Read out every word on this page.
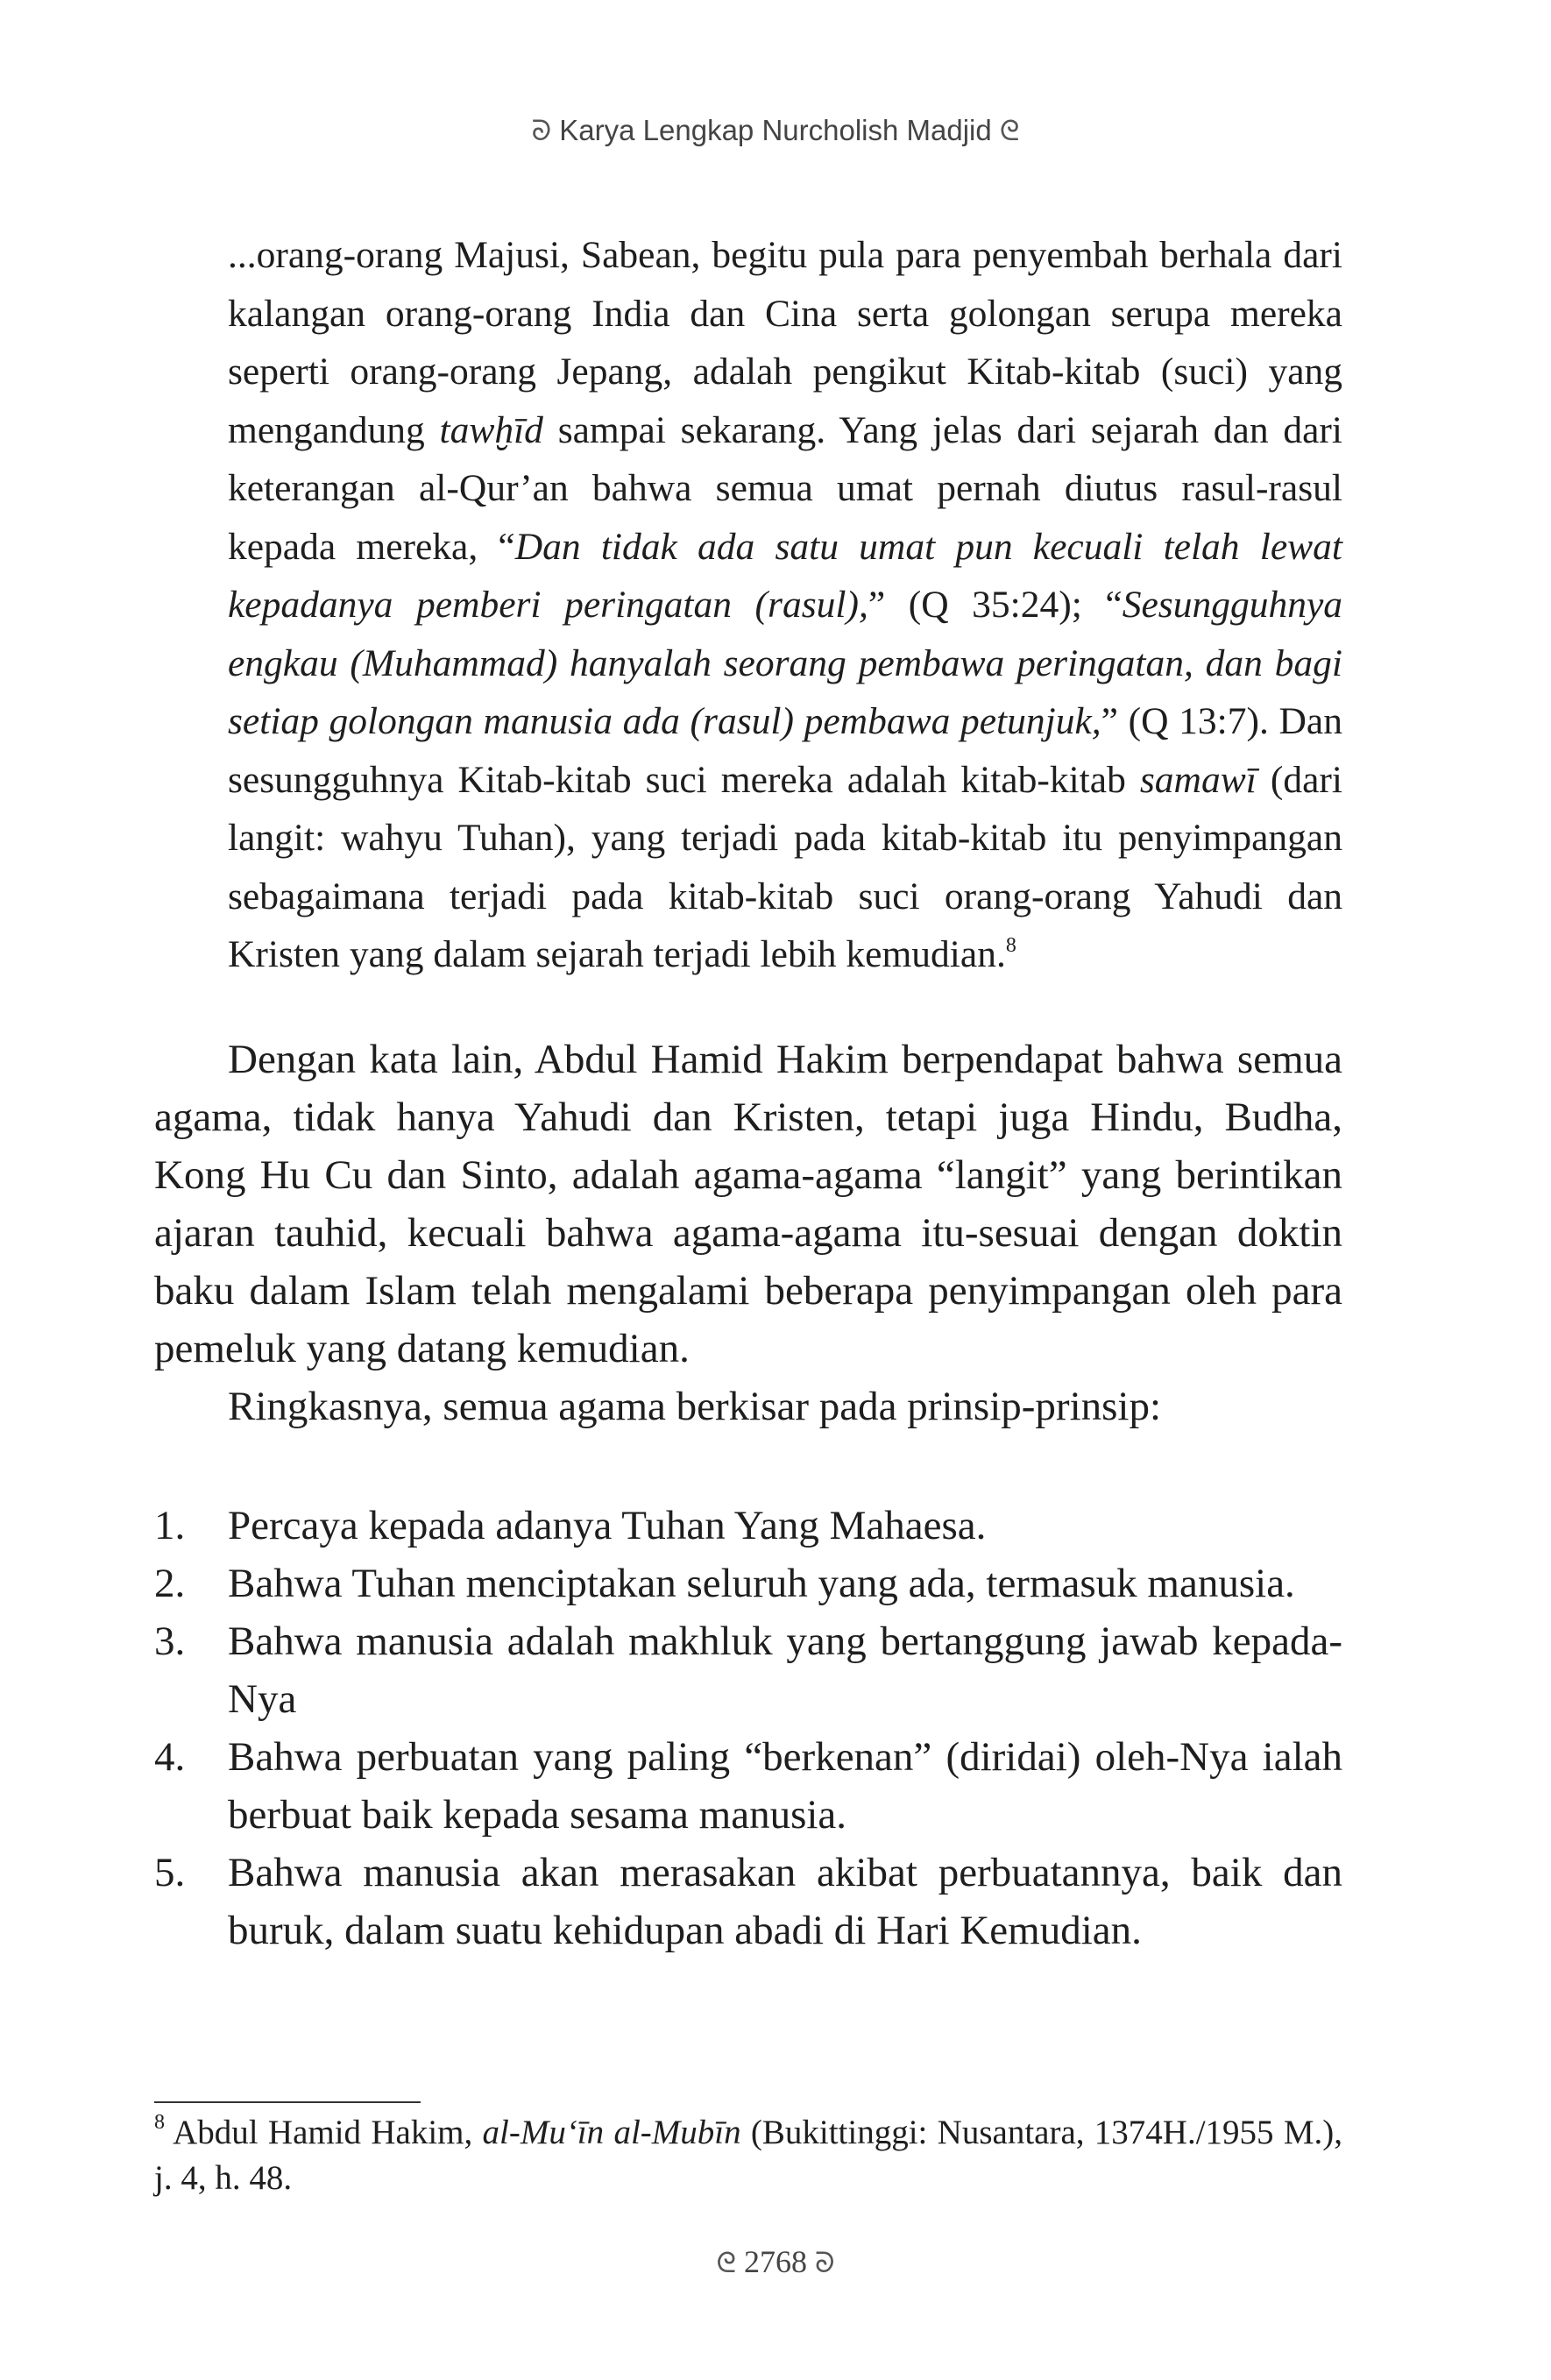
ᘐ Karya Lengkap Nurcholish Madjid ᘓ

...orang-orang Majusi, Sabean, begitu pula para penyembah berhala dari kalangan orang-orang India dan Cina serta golongan serupa mereka seperti orang-orang Jepang, adalah pengikut Kitab-kitab (suci) yang mengandung tawḫīd sampai sekarang. Yang jelas dari sejarah dan dari keterangan al-Qur’an bahwa semua umat pernah diutus rasul-rasul kepada mereka, “Dan tidak ada satu umat pun kecuali telah lewat kepadanya pemberi peringatan (rasul),” (Q 35:24); “Sesungguhnya engkau (Muhammad) hanyalah seorang pembawa peringatan, dan bagi setiap golongan manusia ada (rasul) pembawa petunjuk,” (Q 13:7). Dan sesungguhnya Kitab-kitab suci mereka adalah kitab-kitab samawī (dari langit: wahyu Tuhan), yang terjadi pada kitab-kitab itu penyimpangan sebagaimana terjadi pada kitab-kitab suci orang-orang Yahudi dan Kristen yang dalam sejarah terjadi lebih kemudian.$^8$

Dengan kata lain, Abdul Hamid Hakim berpendapat bahwa semua agama, tidak hanya Yahudi dan Kristen, tetapi juga Hindu, Budha, Kong Hu Cu dan Sinto, adalah agama-agama “langit” yang berintikan ajaran tauhid, kecuali bahwa agama-agama itu-sesuai dengan doktin baku dalam Islam telah mengalami beberapa penyimpangan oleh para pemeluk yang datang kemudian.

Ringkasnya, semua agama berkisar pada prinsip-prinsip:

1. Percaya kepada adanya Tuhan Yang Mahaesa.
2. Bahwa Tuhan menciptakan seluruh yang ada, termasuk manusia.
3. Bahwa manusia adalah makhluk yang bertanggung jawab kepada-Nya
4. Bahwa perbuatan yang paling “berkenan” (diridai) oleh-Nya ialah berbuat baik kepada sesama manusia.
5. Bahwa manusia akan merasakan akibat perbuatannya, baik dan buruk, dalam suatu kehidupan abadi di Hari Kemudian.
$^8$ Abdul Hamid Hakim, al-Mu‘īn al-Mubīn (Bukittinggi: Nusantara, 1374H./1955 M.), j. 4, h. 48.
ᘓ 2768 ᘐ
